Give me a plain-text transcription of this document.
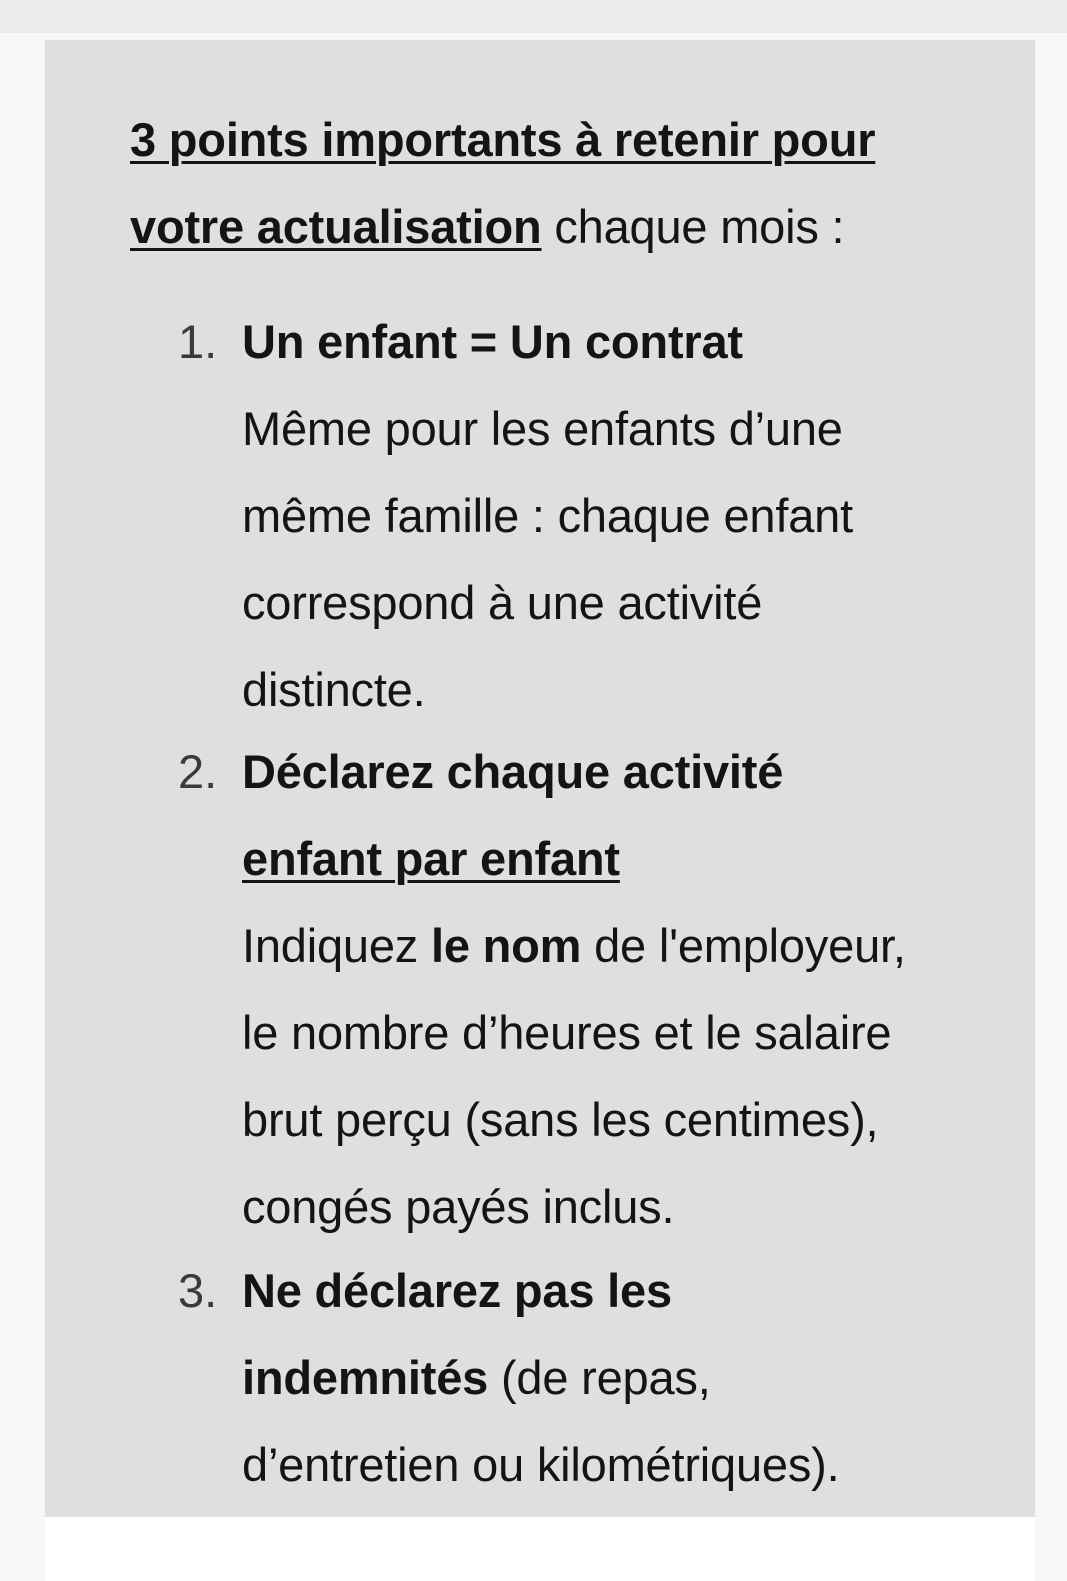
3 points importants à retenir pour votre actualisation chaque mois :

1. Un enfant = Un contrat

Même pour les enfants d’une

même famille : chaque enfant

correspond à une activité

distincte.

2. Déclarez chaque activité

enfant par enfant

Indiquez le nom de l'employeur,

le nombre d’heures et le salaire

brut perçu (sans les centimes),

congés payés inclus.

3. Ne déclarez pas les

indemnités (de repas,

d’entretien ou kilométriques).
